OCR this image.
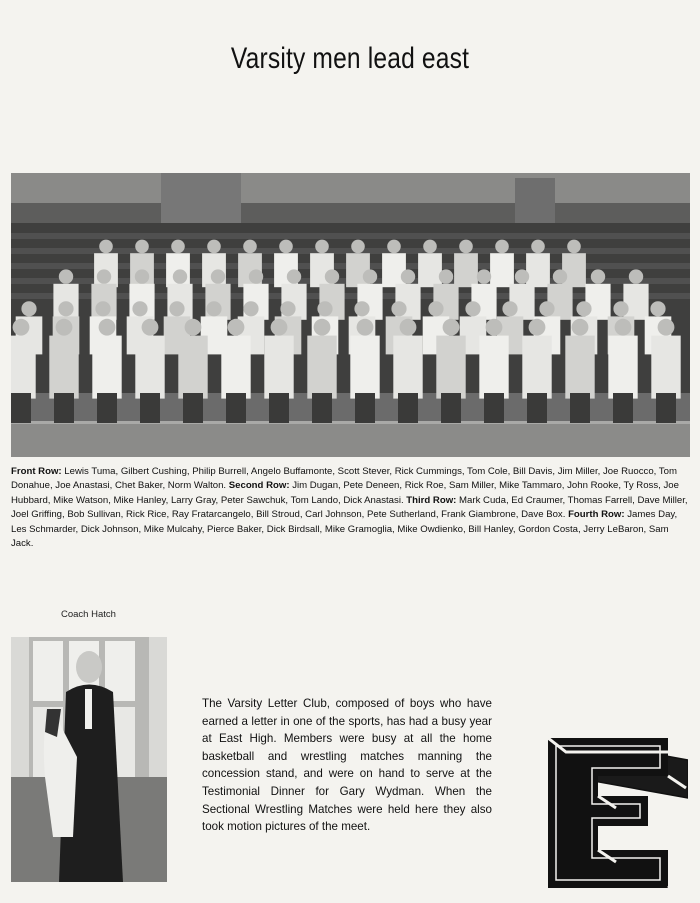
Varsity men lead east
Front Row: Lewis Tuma, Gilbert Cushing, Philip Burrell, Angelo Buffamonte, Scott Stever, Rick Cummings, Tom Cole, Bill Davis, Jim Miller, Joe Ruocco, Tom Donahue, Joe Anastasi, Chet Baker, Norm Walton. Second Row: Jim Dugan, Pete Deneen, Rick Roe, Sam Miller, Mike Tammaro, John Rooke, Ty Ross, Joe Hubbard, Mike Watson, Mike Hanley, Larry Gray, Peter Sawchuk, Tom Lando, Dick Anastasi. Third Row: Mark Cuda, Ed Craumer, Thomas Farrell, Dave Miller, Joel Griffing, Bob Sullivan, Rick Rice, Ray Fratarcangelo, Bill Stroud, Carl Johnson, Pete Sutherland, Frank Giambrone, Dave Box. Fourth Row: James Day, Les Schmarder, Dick Johnson, Mike Mulcahy, Pierce Baker, Dick Birdsall, Mike Gramoglia, Mike Owdienko, Bill Hanley, Gordon Costa, Jerry LeBaron, Sam Jack.
Coach Hatch
The Varsity Letter Club, composed of boys who have earned a letter in one of the sports, has had a busy year at East High. Members were busy at all the home basketball and wrestling matches manning the concession stand, and were on hand to serve at the Testimonial Dinner for Gary Wydman. When the Sectional Wrestling Matches were held here they also took motion pictures of the meet.
